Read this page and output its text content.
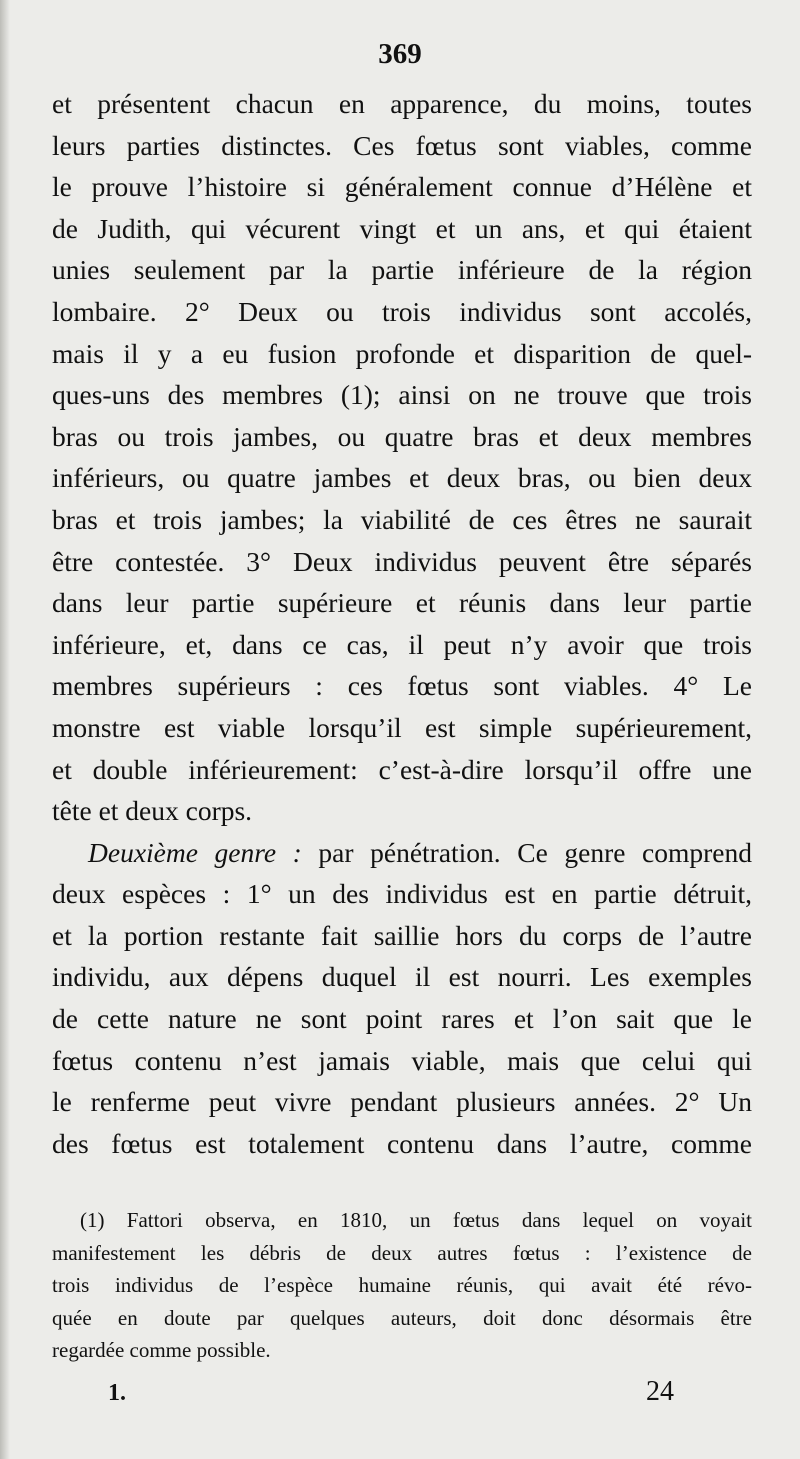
369

et présentent chacun en apparence, du moins, toutes
leurs parties distinctes. Ces fœtus sont viables, comme
le prouve l’histoire si généralement connue d’Hélène et
de Judith, qui vécurent vingt et un ans, et qui étaient
unies seulement par la partie inférieure de la région
lombaire. 2° Deux ou trois individus sont accolés,
mais il y a eu fusion profonde et disparition de quel-
ques-uns des membres (1); ainsi on ne trouve que trois
bras ou trois jambes, ou quatre bras et deux membres
inférieurs, ou quatre jambes et deux bras, ou bien deux
bras et trois jambes; la viabilité de ces êtres ne saurait
être contestée. 3° Deux individus peuvent être séparés
dans leur partie supérieure et réunis dans leur partie
inférieure, et, dans ce cas, il peut n’y avoir que trois
membres supérieurs : ces fœtus sont viables. 4° Le
monstre est viable lorsqu’il est simple supérieurement,
et double inférieurement: c’est-à-dire lorsqu’il offre une
tête et deux corps.

Deuxième genre : par pénétration. Ce genre comprend
deux espèces : 1° un des individus est en partie détruit,
et la portion restante fait saillie hors du corps de l’autre
individu, aux dépens duquel il est nourri. Les exemples
de cette nature ne sont point rares et l’on sait que le
fœtus contenu n’est jamais viable, mais que celui qui
le renferme peut vivre pendant plusieurs années. 2° Un
des fœtus est totalement contenu dans l’autre, comme

(1) Fattori observa, en 1810, un fœtus dans lequel on voyait
manifestement les débris de deux autres fœtus : l’existence de
trois individus de l’espèce humaine réunis, qui avait été révo-
quée en doute par quelques auteurs, doit donc désormais être
regardée comme possible.
1.	24
